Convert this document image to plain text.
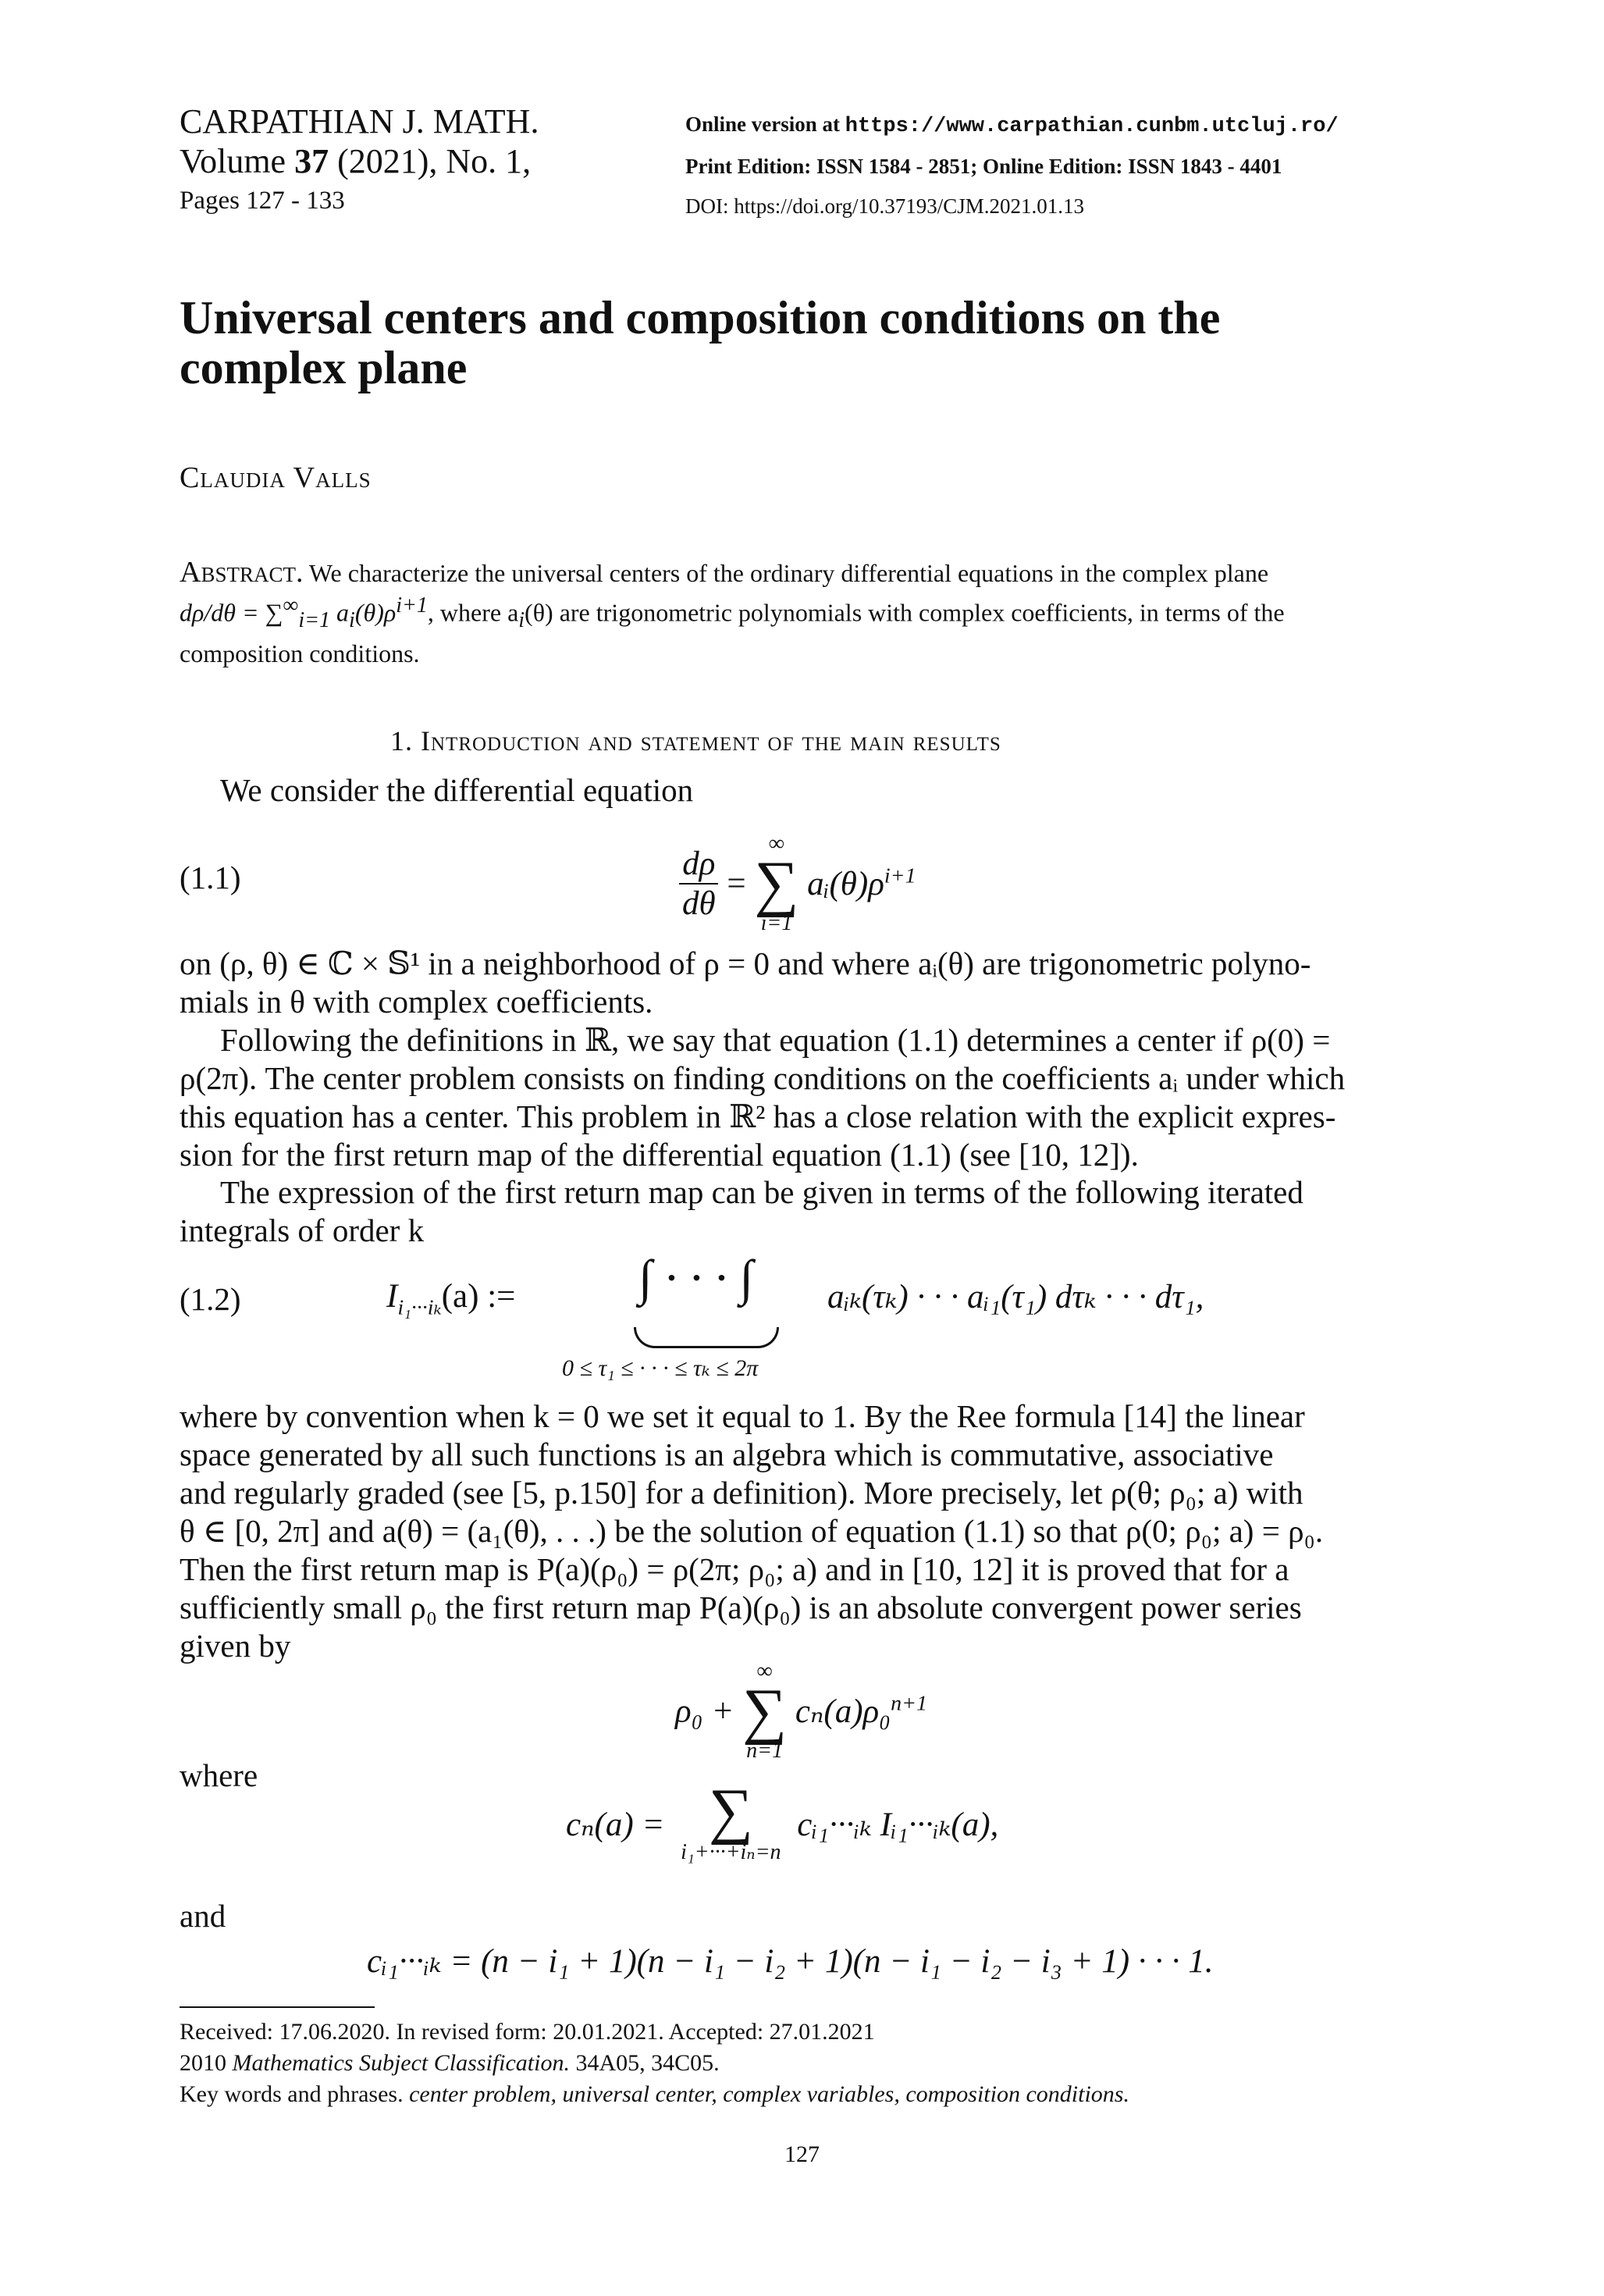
CARPATHIAN J. MATH.
Volume 37 (2021), No. 1,
Pages 127 - 133
Online version at https://www.carpathian.cunbm.utcluj.ro/
Print Edition: ISSN 1584 - 2851; Online Edition: ISSN 1843 - 4401
DOI: https://doi.org/10.37193/CJM.2021.01.13
Universal centers and composition conditions on the
complex plane
Claudia Valls
Abstract. We characterize the universal centers of the ordinary differential equations in the complex plane
$d\rho/d\theta = \sum^\infty_{i=1}$ $a_i(\theta)\rho^{i+1}$, where $a_i(\theta)$ are trigonometric polynomials with complex coefficients, in terms of the
composition conditions.
1. Introduction and statement of the main results
We consider the differential equation
(1.1)	$\frac{d\rho}{d\theta}$ =
∞
∑
i=1
$aᵢ(\theta)\rho^{i+1}$
on (ρ, θ) ∈ ℂ × 𝕊¹ in a neighborhood of ρ = 0 and where aᵢ(θ) are trigonometric polyno-
mials in θ with complex coefficients.
Following the definitions in ℝ, we say that equation (1.1) determines a center if ρ(0) =
ρ(2π). The center problem consists on finding conditions on the coefficients aᵢ under which
this equation has a center. This problem in ℝ² has a close relation with the explicit expres-
sion for the first return map of the differential equation (1.1) (see [10, 12]).
The expression of the first return map can be given in terms of the following iterated
integrals of order k
(1.2)	$I_{i_1\cdot\cdot\cdot i_k}(a)$ := ∫ · · · ∫
0 ≤ τ₁ ≤ · · · ≤ τₖ ≤ 2π
aᵢₖ(τₖ) · · · aᵢ₁(τ₁) dτₖ · · · dτ₁,
where by convention when k = 0 we set it equal to 1. By the Ree formula [14] the linear
space generated by all such functions is an algebra which is commutative, associative
and regularly graded (see [5, p.150] for a definition). More precisely, let ρ(θ; ρ₀; a) with
θ ∈ [0, 2π] and a(θ) = (a₁(θ), . . .) be the solution of equation (1.1) so that ρ(0; ρ₀; a) = ρ₀.
Then the first return map is P(a)(ρ₀) = ρ(2π; ρ₀; a) and in [10, 12] it is proved that for a
sufficiently small ρ₀ the first return map P(a)(ρ₀) is an absolute convergent power series
given by
ρ₀ +
∞
∑
n=1
cₙ(a)ρ₀$^{n+1}$
where
cₙ(a) = ∑
i₁+···+iₙ=n
cᵢ₁···ᵢₖ Iᵢ₁···ᵢₖ(a),
and
cᵢ₁···ᵢₖ = (n − i₁ + 1)(n − i₁ − i₂ + 1)(n − i₁ − i₂ − i₃ + 1) · · · 1.
Received: 17.06.2020. In revised form: 20.01.2021. Accepted: 27.01.2021
2010 Mathematics Subject Classification. 34A05, 34C05.
Key words and phrases. center problem, universal center, complex variables, composition conditions.
127
